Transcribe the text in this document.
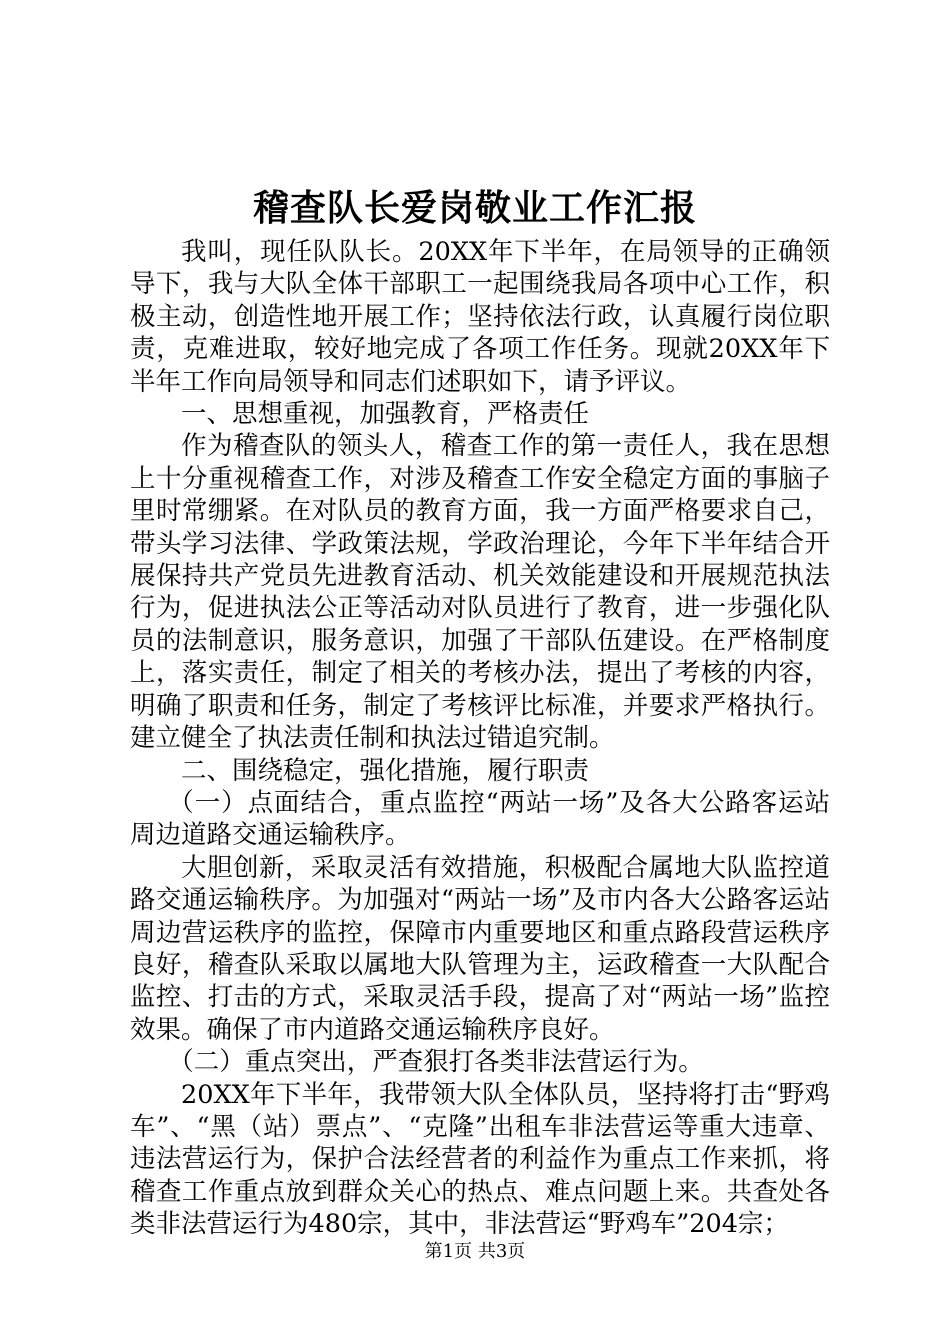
稽查队长爱岗敬业工作汇报

我叫，现任队队长。20XX年下半年，在局领导的正确领导下，我与大队全体干部职工一起围绕我局各项中心工作，积极主动，创造性地开展工作；坚持依法行政，认真履行岗位职责，克难进取，较好地完成了各项工作任务。现就20XX年下半年工作向局领导和同志们述职如下，请予评议。

一、思想重视，加强教育，严格责任

作为稽查队的领头人，稽查工作的第一责任人，我在思想上十分重视稽查工作，对涉及稽查工作安全稳定方面的事脑子里时常绷紧。在对队员的教育方面，我一方面严格要求自己，带头学习法律、学政策法规，学政治理论，今年下半年结合开展保持共产党员先进教育活动、机关效能建设和开展规范执法行为，促进执法公正等活动对队员进行了教育，进一步强化队员的法制意识，服务意识，加强了干部队伍建设。在严格制度上，落实责任，制定了相关的考核办法，提出了考核的内容，明确了职责和任务，制定了考核评比标准，并要求严格执行。建立健全了执法责任制和执法过错追究制。

二、围绕稳定，强化措施，履行职责

（一）点面结合，重点监控“两站一场”及各大公路客运站周边道路交通运输秩序。

大胆创新，采取灵活有效措施，积极配合属地大队监控道路交通运输秩序。为加强对“两站一场”及市内各大公路客运站周边营运秩序的监控，保障市内重要地区和重点路段营运秩序良好，稽查队采取以属地大队管理为主，运政稽查一大队配合监控、打击的方式，采取灵活手段，提高了对“两站一场”监控效果。确保了市内道路交通运输秩序良好。

（二）重点突出，严查狠打各类非法营运行为。

20XX年下半年，我带领大队全体队员，坚持将打击“野鸡车”、“黑（站）票点”、“克隆”出租车非法营运等重大违章、违法营运行为，保护合法经营者的利益作为重点工作来抓，将稽查工作重点放到群众关心的热点、难点问题上来。共查处各类非法营运行为480宗，其中，非法营运“野鸡车”204宗；

第1页 共3页
